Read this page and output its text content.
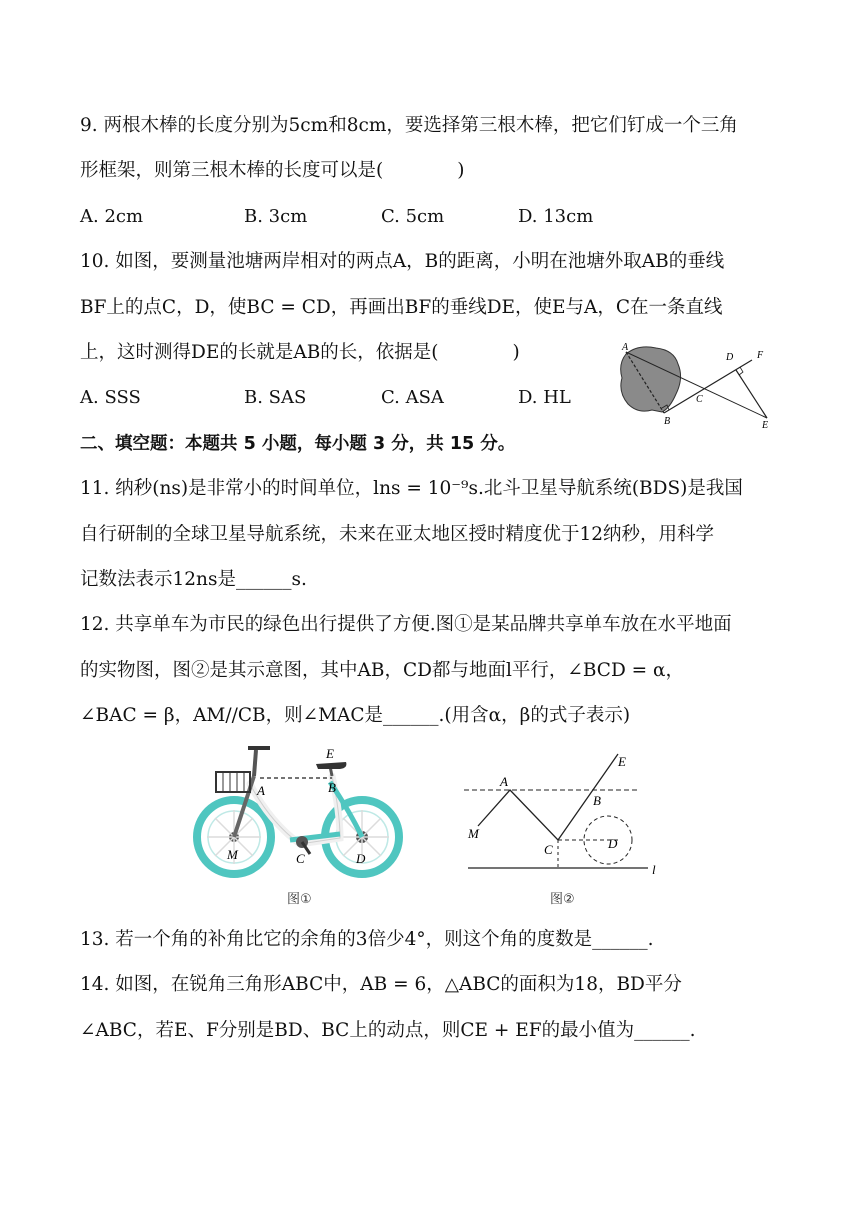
9. 两根木棒的长度分别为5cm和8cm，要选择第三根木棒，把它们钉成一个三角
形框架，则第三根木棒的长度可以是(　　　　)
A. 2cm	B. 3cm	C. 5cm	D. 13cm
10. 如图，要测量池塘两岸相对的两点A，B的距离，小明在池塘外取AB的垂线
BF上的点C，D，使BC = CD，再画出BF的垂线DE，使E与A，C在一条直线
上，这时测得DE的长就是AB的长，依据是(　　　　)
A. SSS	B. SAS	C. ASA	D. HL
A
B
C
D F
E
二、填空题：本题共 5 小题，每小题 3 分，共 15 分。
11. 纳秒(ns)是非常小的时间单位，lns = 10⁻⁹s.北斗卫星导航系统(BDS)是我国
自行研制的全球卫星导航系统，未来在亚太地区授时精度优于12纳秒，用科学
记数法表示12ns是______s.
12. 共享单车为市民的绿色出行提供了方便.图①是某品牌共享单车放在水平地面
的实物图，图②是其示意图，其中AB，CD都与地面l平行，∠BCD = α，
∠BAC = β，AM//CB，则∠MAC是______.(用含α，β的式子表示)
E
A	B
M	C	D
图①
A
E
B
M
C	D
l
图②
13. 若一个角的补角比它的余角的3倍少4°，则这个角的度数是______.
14. 如图，在锐角三角形ABC中，AB = 6，△ABC的面积为18，BD平分
∠ABC，若E、F分别是BD、BC上的动点，则CE + EF的最小值为______.
